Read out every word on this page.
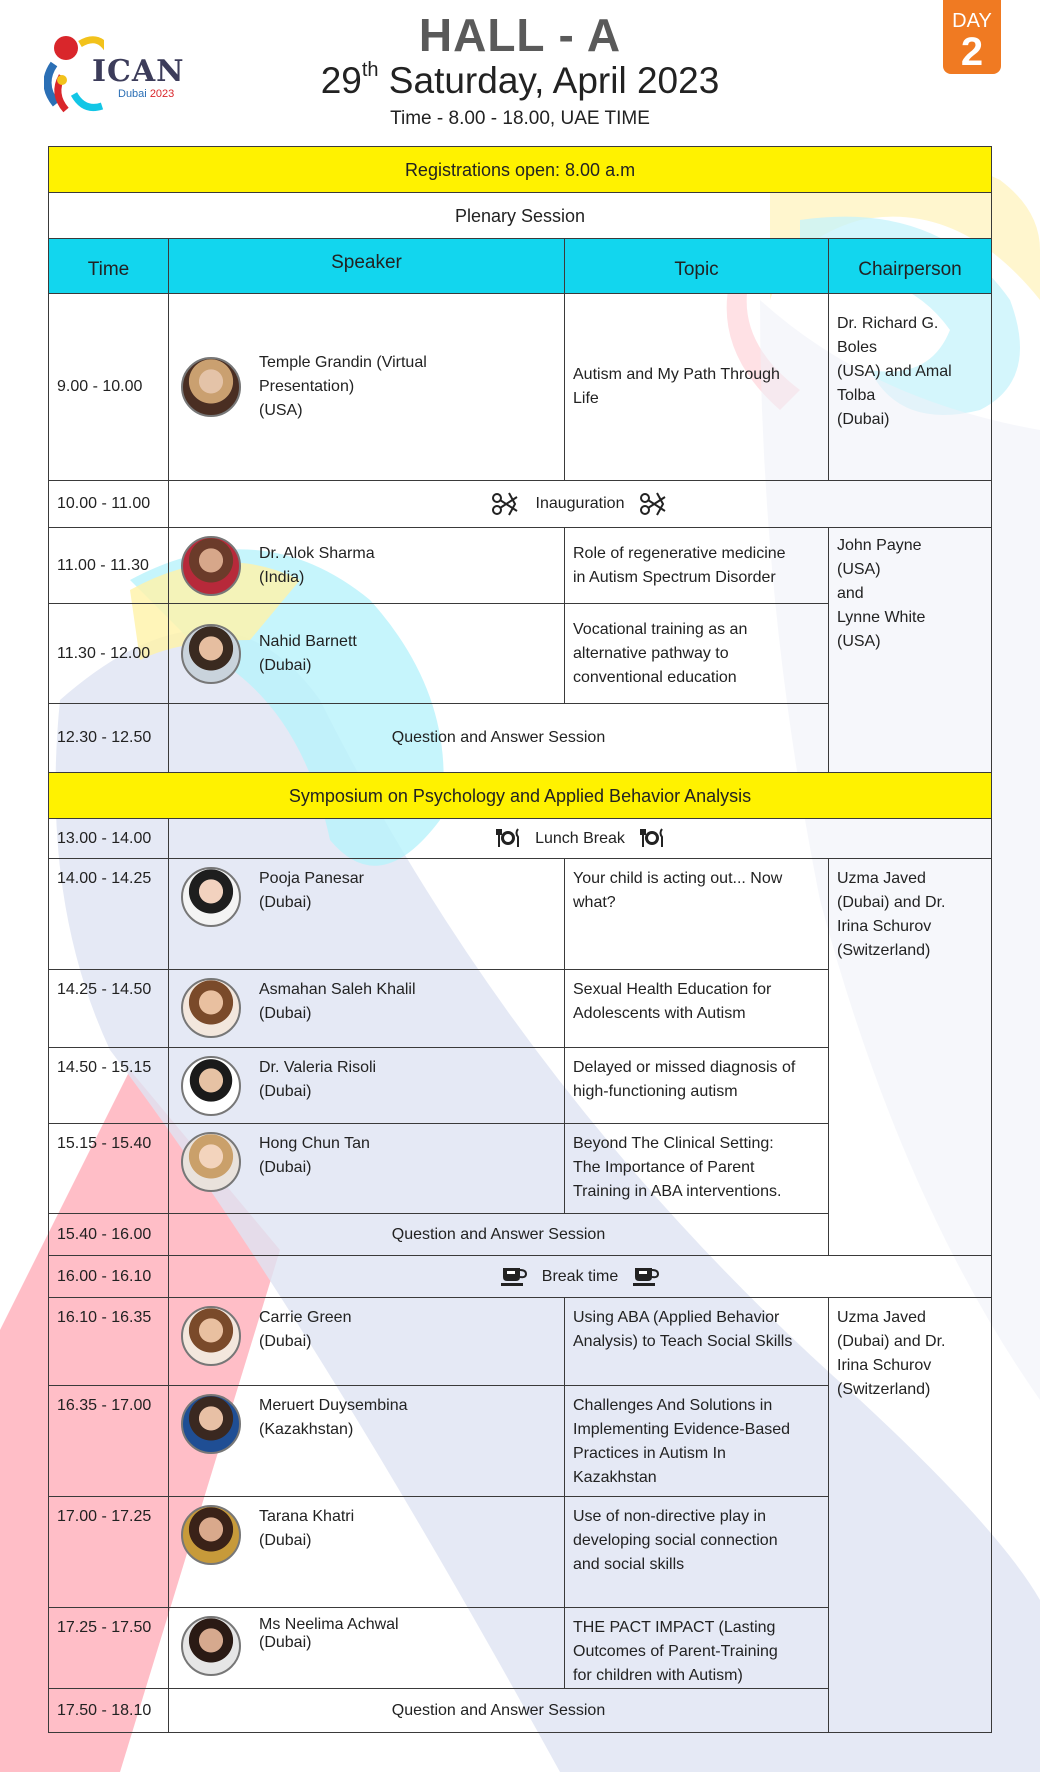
ICAN
Dubai 2023
HALL - A
29th Saturday, April 2023
Time - 8.00 - 18.00, UAE TIME
DAY
2
Registrations open: 8.00 a.m			
Plenary Session			
Time	Speaker	Topic	Chairperson
9.00 - 10.00	Temple Grandin (Virtual
Presentation)
(USA)	Autism and My Path Through
Life	Dr. Richard G.
Boles
(USA) and Amal
Tolba
(Dubai)
10.00 - 11.00	Inauguration		
11.00 - 11.30	Dr. Alok Sharma
(India)	Role of regenerative medicine
in Autism Spectrum Disorder	John Payne
(USA)
and
Lynne White
(USA)
11.30 - 12.00	Nahid Barnett
(Dubai)	Vocational training as an
alternative pathway to
conventional education	
12.30 - 12.50	Question and Answer Session		
Symposium on Psychology and Applied Behavior Analysis			
13.00 - 14.00	Lunch Break		
14.00 - 14.25	Pooja Panesar
(Dubai)	Your child is acting out... Now
what?	Uzma Javed
(Dubai) and Dr.
Irina Schurov
(Switzerland)
14.25 - 14.50	Asmahan Saleh Khalil
(Dubai)	Sexual Health Education for
Adolescents with Autism	
14.50 - 15.15	Dr. Valeria Risoli
(Dubai)	Delayed or missed diagnosis of
high-functioning autism	
15.15 - 15.40	Hong Chun Tan
(Dubai)	Beyond The Clinical Setting:
The Importance of Parent
Training in ABA interventions.	
15.40 - 16.00	Question and Answer Session		
16.00 - 16.10	Break time		
16.10 - 16.35	Carrie Green
(Dubai)	Using ABA (Applied Behavior
Analysis) to Teach Social Skills	Uzma Javed
(Dubai) and Dr.
Irina Schurov
(Switzerland)
16.35 - 17.00	Meruert Duysembina
(Kazakhstan)	Challenges And Solutions in
Implementing Evidence-Based
Practices in Autism In
Kazakhstan	
17.00 - 17.25	Tarana Khatri
(Dubai)	Use of non-directive play in
developing social connection
and social skills	
17.25 - 17.50	Ms Neelima Achwal
(Dubai)	THE PACT IMPACT (Lasting
Outcomes of Parent-Training
for children with Autism)	
17.50 - 18.10	Question and Answer Session		
